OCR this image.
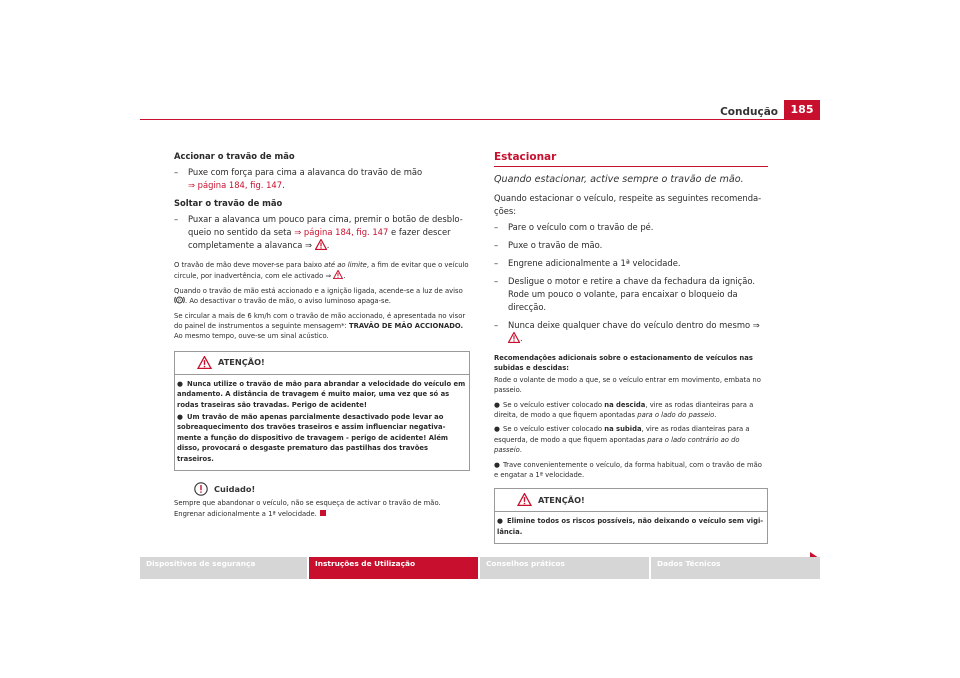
Condução	185

Accionar o travão de mão

– Puxe com força para cima a alavanca do travão de mão
⇒ página 184, fig. 147.

Soltar o travão de mão

– Puxar a alavanca um pouco para cima, premir o botão de desblo-queio no sentido da seta ⇒ página 184, fig. 147 e fazer descer completamente a alavanca ⇒ .

O travão de mão deve mover-se para baixo até ao limite, a fim de evitar que o veículo circule, por inadvertência, com ele activado ⇒ .

Quando o travão de mão está accionado e a ignição ligada, acende-se a luz de aviso
P . Ao desactivar o travão de mão, o aviso luminoso apaga-se.

Se circular a mais de 6 km/h com o travão de mão accionado, é apresentada no visor do painel de instrumentos a seguinte mensagem*: TRAVÃO DE MÃO ACCIONADO. Ao mesmo tempo, ouve-se um sinal acústico.

ATENÇÃO!

● Nunca utilize o travão de mão para abrandar a velocidade do veículo em andamento. A distância de travagem é muito maior, uma vez que só as rodas traseiras são travadas. Perigo de acidente!

● Um travão de mão apenas parcialmente desactivado pode levar ao sobreaquecimento dos travões traseiros e assim influenciar negativa-mente a função do dispositivo de travagem - perigo de acidente! Além disso, provocará o desgaste prematuro das pastilhas dos travões traseiros.

Cuidado!

Sempre que abandonar o veículo, não se esqueça de activar o travão de mão. Engrenar adicionalmente a 1ª velocidade.

Estacionar

Quando estacionar, active sempre o travão de mão.

Quando estacionar o veículo, respeite as seguintes recomenda-ções:

– Pare o veículo com o travão de pé.

– Puxe o travão de mão.

– Engrene adicionalmente a 1ª velocidade.

– Desligue o motor e retire a chave da fechadura da ignição. Rode um pouco o volante, para encaixar o bloqueio da direcção.

– Nunca deixe qualquer chave do veículo dentro do mesmo ⇒
.

Recomendações adicionais sobre o estacionamento de veículos nas subidas e descidas:

Rode o volante de modo a que, se o veículo entrar em movimento, embata no passeio.

● Se o veículo estiver colocado na descida, vire as rodas dianteiras para a direita, de modo a que fiquem apontadas para o lado do passeio.

● Se o veículo estiver colocado na subida, vire as rodas dianteiras para a esquerda, de modo a que fiquem apontadas para o lado contrário ao do passeio.

● Trave convenientemente o veículo, da forma habitual, com o travão de mão e engatar a 1ª velocidade.

ATENÇÃO!

● Elimine todos os riscos possíveis, não deixando o veículo sem vigi-lância.

Dispositivos de segurança	Instruções de Utilização	Conselhos práticos	Dados Técnicos
